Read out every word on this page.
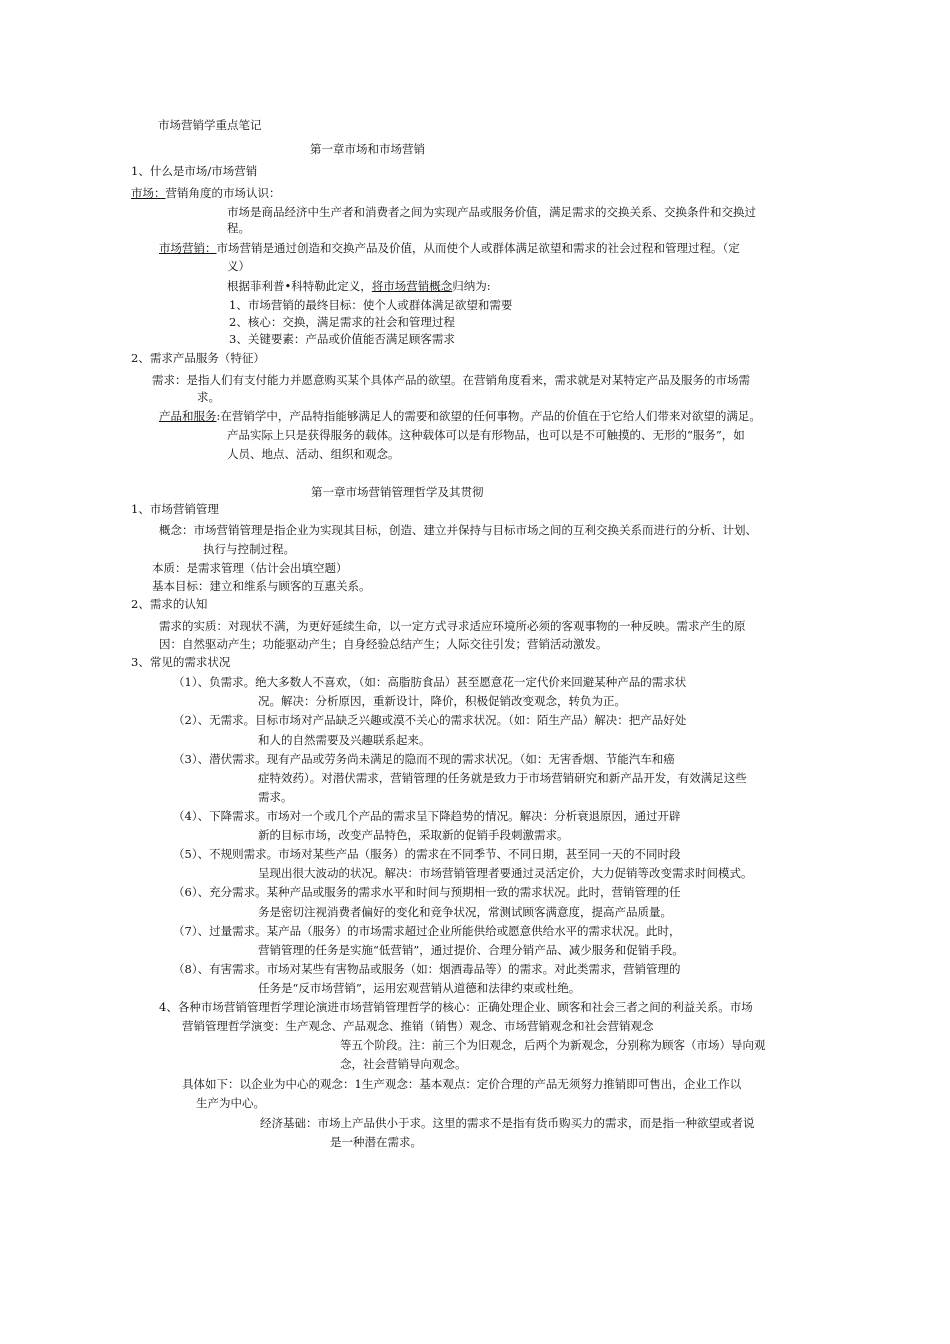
市场营销学重点笔记
第一章市场和市场营销
1、什么是市场/市场营销
市场：营销角度的市场认识：
市场是商品经济中生产者和消费者之间为实现产品或服务价值，满足需求的交换关系、交换条件和交换过
程。
市场营销：市场营销是通过创造和交换产品及价值，从而使个人或群体满足欲望和需求的社会过程和管理过程。（定
义）
根据菲利普•科特勒此定义，将市场营销概念归纳为:
1、市场营销的最终目标：使个人或群体满足欲望和需要
2、核心：交换，满足需求的社会和管理过程
3、关键要素：产品或价值能否满足顾客需求
2、需求产品服务（特征）
需求：是指人们有支付能力并愿意购买某个具体产品的欲望。在营销角度看来，需求就是对某特定产品及服务的市场需
求。
产品和服务:在营销学中，产品特指能够满足人的需要和欲望的任何事物。产品的价值在于它给人们带来对欲望的满足。
产品实际上只是获得服务的载体。这种载体可以是有形物品，也可以是不可触摸的、无形的“服务”，如
人员、地点、活动、组织和观念。
第一章市场营销管理哲学及其贯彻
1、市场营销管理
概念：市场营销管理是指企业为实现其目标，创造、建立并保持与目标市场之间的互利交换关系而进行的分析、计划、
执行与控制过程。
本质：是需求管理（估计会出填空题）
基本目标：建立和维系与顾客的互惠关系。
2、需求的认知
需求的实质：对现状不满，为更好延续生命，以一定方式寻求适应环境所必须的客观事物的一种反映。需求产生的原
因：自然驱动产生；功能驱动产生；自身经验总结产生；人际交往引发；营销活动激发。
3、常见的需求状况
（1）、负需求。绝大多数人不喜欢，（如：高脂肪食品）甚至愿意花一定代价来回避某种产品的需求状
况。解决：分析原因，重新设计，降价，积极促销改变观念，转负为正。
（2）、无需求。目标市场对产品缺乏兴趣或漠不关心的需求状况。（如：陌生产品）解决：把产品好处
和人的自然需要及兴趣联系起来。
（3）、潜伏需求。现有产品或劳务尚未满足的隐而不现的需求状况。（如：无害香烟、节能汽车和癌
症特效药）。对潜伏需求，营销管理的任务就是致力于市场营销研究和新产品开发，有效满足这些
需求。
（4）、下降需求。市场对一个或几个产品的需求呈下降趋势的情况。解决：分析衰退原因，通过开辟
新的目标市场，改变产品特色，采取新的促销手段刺激需求。
（5）、不规则需求。市场对某些产品（服务）的需求在不同季节、不同日期，甚至同一天的不同时段
呈现出很大波动的状况。解决：市场营销管理者要通过灵活定价，大力促销等改变需求时间模式。
（6）、充分需求。某种产品或服务的需求水平和时间与预期相一致的需求状况。此时，营销管理的任
务是密切注视消费者偏好的变化和竞争状况，常测试顾客满意度，提高产品质量。
（7）、过量需求。某产品（服务）的市场需求超过企业所能供给或愿意供给水平的需求状况。此时，
营销管理的任务是实施“低营销”，通过提价、合理分销产品、减少服务和促销手段。
（8）、有害需求。市场对某些有害物品或服务（如：烟酒毒品等）的需求。对此类需求，营销管理的
任务是“反市场营销”，运用宏观营销从道德和法律约束或杜绝。
4、各种市场营销管理哲学理论演进市场营销管理哲学的核心：正确处理企业、顾客和社会三者之间的利益关系。市场
营销管理哲学演变：生产观念、产品观念、推销（销售）观念、市场营销观念和社会营销观念
等五个阶段。注：前三个为旧观念，后两个为新观念，分别称为顾客（市场）导向观
念，社会营销导向观念。
具体如下：以企业为中心的观念：1生产观念：基本观点：定价合理的产品无须努力推销即可售出，企业工作以
生产为中心。
经济基础：市场上产品供小于求。这里的需求不是指有货币购买力的需求，而是指一种欲望或者说
是一种潜在需求。
